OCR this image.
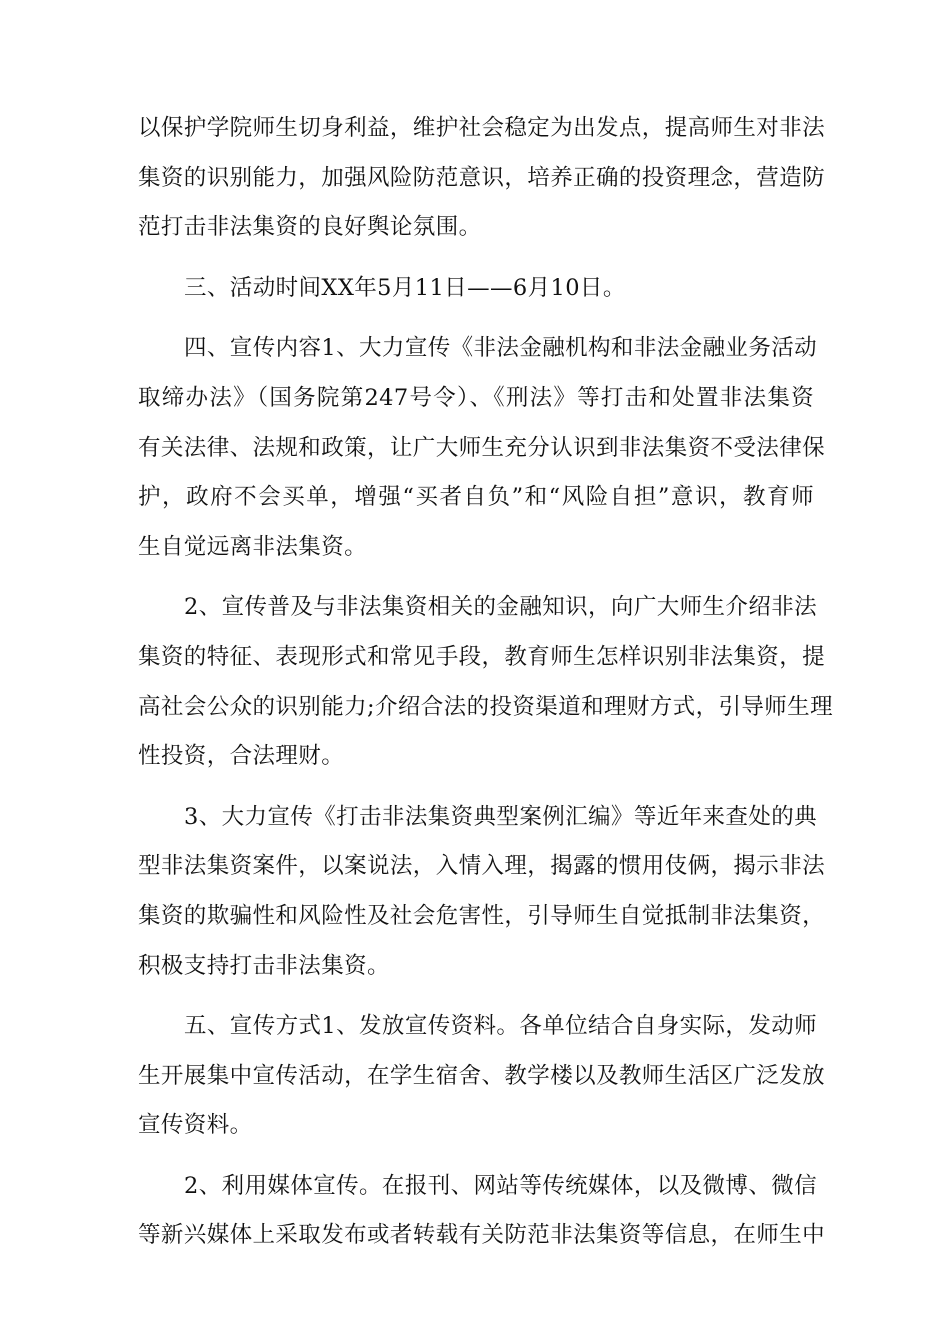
以保护学院师生切身利益，维护社会稳定为出发点，提高师生对非法
集资的识别能力，加强风险防范意识，培养正确的投资理念，营造防
范打击非法集资的良好舆论氛围。
三、活动时间XX年5月11日——6月10日。
四、宣传内容1、大力宣传《非法金融机构和非法金融业务活动
取缔办法》（国务院第247号令）、《刑法》等打击和处置非法集资
有关法律、法规和政策，让广大师生充分认识到非法集资不受法律保
护，政府不会买单，增强“买者自负”和“风险自担”意识，教育师
生自觉远离非法集资。
2、宣传普及与非法集资相关的金融知识，向广大师生介绍非法
集资的特征、表现形式和常见手段，教育师生怎样识别非法集资，提
高社会公众的识别能力;介绍合法的投资渠道和理财方式，引导师生理
性投资，合法理财。
3、大力宣传《打击非法集资典型案例汇编》等近年来查处的典
型非法集资案件，以案说法，入情入理，揭露的惯用伎俩，揭示非法
集资的欺骗性和风险性及社会危害性，引导师生自觉抵制非法集资，
积极支持打击非法集资。
五、宣传方式1、发放宣传资料。各单位结合自身实际，发动师
生开展集中宣传活动，在学生宿舍、教学楼以及教师生活区广泛发放
宣传资料。
2、利用媒体宣传。在报刊、网站等传统媒体，以及微博、微信
等新兴媒体上采取发布或者转载有关防范非法集资等信息，在师生中
